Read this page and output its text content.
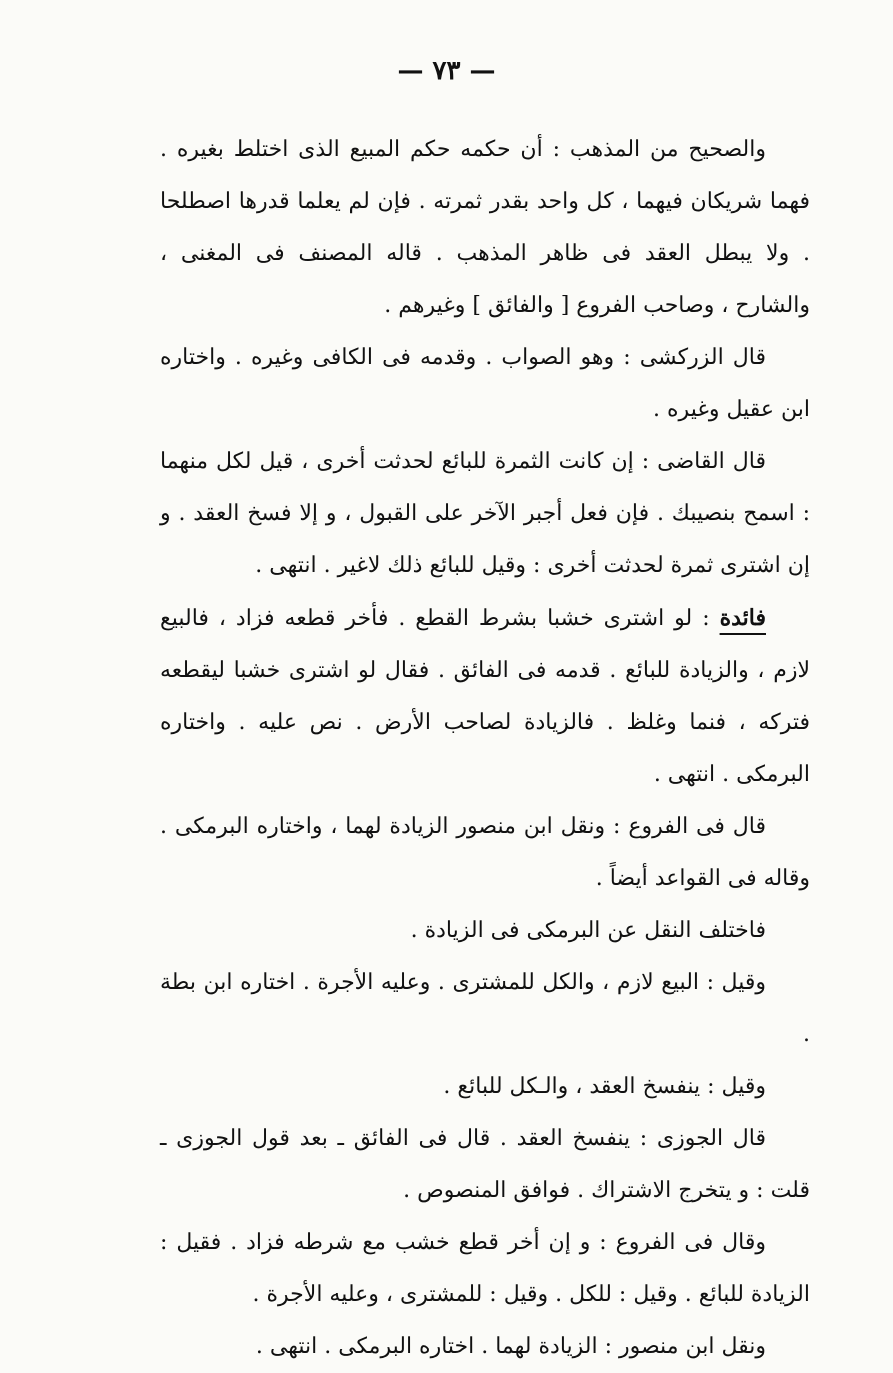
— ٧٣ —

والصحيح من المذهب : أن حكمه حكم المبيع الذى اختلط بغيره . فهما شريكان فيهما ، كل واحد بقدر ثمرته . فإن لم يعلما قدرها اصطلحا . ولا يبطل العقد فى ظاهر المذهب . قاله المصنف فى المغنى ، والشارح ، وصاحب الفروع [ والفائق ] وغيرهم .

قال الزركشى : وهو الصواب . وقدمه فى الكافى وغيره . واختاره ابن عقيل وغيره .

قال القاضى : إن كانت الثمرة للبائع لحدثت أخرى ، قيل لكل منهما : اسمح بنصيبك . فإن فعل أجبر الآخر على القبول ، و إلا فسخ العقد . و إن اشترى ثمرة لحدثت أخرى : وقيل للبائع ذلك لاغير . انتهى .

فائدة : لو اشترى خشبا بشرط القطع . فأخر قطعه فزاد ، فالبيع لازم ، والزيادة للبائع . قدمه فى الفائق . فقال لو اشترى خشبا ليقطعه فتركه ، فنما وغلظ . فالزيادة لصاحب الأرض . نص عليه . واختاره البرمكى . انتهى .

قال فى الفروع : ونقل ابن منصور الزيادة لهما ، واختاره البرمكى . وقاله فى القواعد أيضاً .

فاختلف النقل عن البرمكى فى الزيادة .

وقيل : البيع لازم ، والكل للمشترى . وعليه الأجرة . اختاره ابن بطة .

وقيل : ينفسخ العقد ، والـكل للبائع .

قال الجوزى : ينفسخ العقد . قال فى الفائق ـ بعد قول الجوزى ـ قلت : و يتخرج الاشتراك . فوافق المنصوص .

وقال فى الفروع : و إن أخر قطع خشب مع شرطه فزاد . فقيل : الزيادة للبائع . وقيل : للكل . وقيل : للمشترى ، وعليه الأجرة .

ونقل ابن منصور : الزيادة لهما . اختاره البرمكى . انتهى .
